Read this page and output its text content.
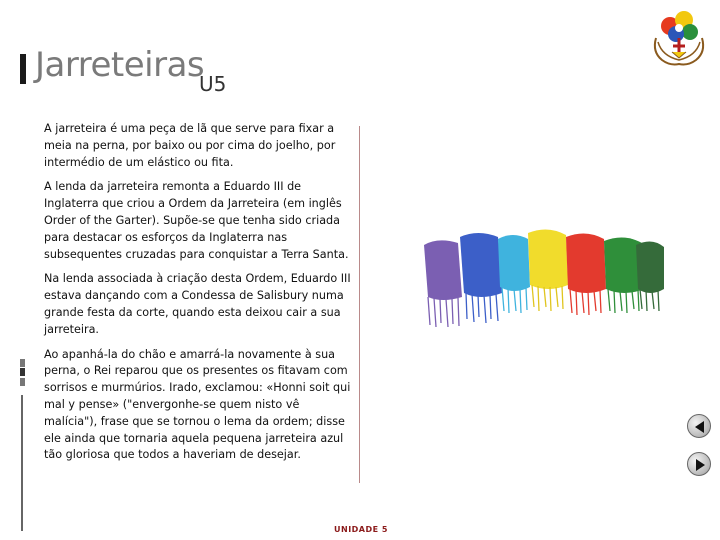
Jarreteiras
U5

A jarreteira é uma peça de lã que serve para fixar a meia na perna, por baixo ou por cima do joelho, por intermédio de um elástico ou fita.

A lenda da jarreteira remonta a Eduardo III de Inglaterra que criou a Ordem da Jarreteira (em inglês Order of the Garter). Supõe-se que tenha sido criada para destacar os esforços da Inglaterra nas subsequentes cruzadas para conquistar a Terra Santa.

Na lenda associada à criação desta Ordem, Eduardo III estava dançando com a Condessa de Salisbury numa grande festa da corte, quando esta deixou cair a sua jarreteira.

Ao apanhá-la do chão e amarrá-la novamente à sua perna, o Rei reparou que os presentes os fitavam com sorrisos e murmúrios. Irado, exclamou: «Honni soit qui mal y pense» ("envergonhe-se quem nisto vê malícia"), frase que se tornou o lema da ordem; disse ele ainda que tornaria aquela pequena jarreteira azul tão gloriosa que todos a haveriam de desejar.

UNIDADE 5
